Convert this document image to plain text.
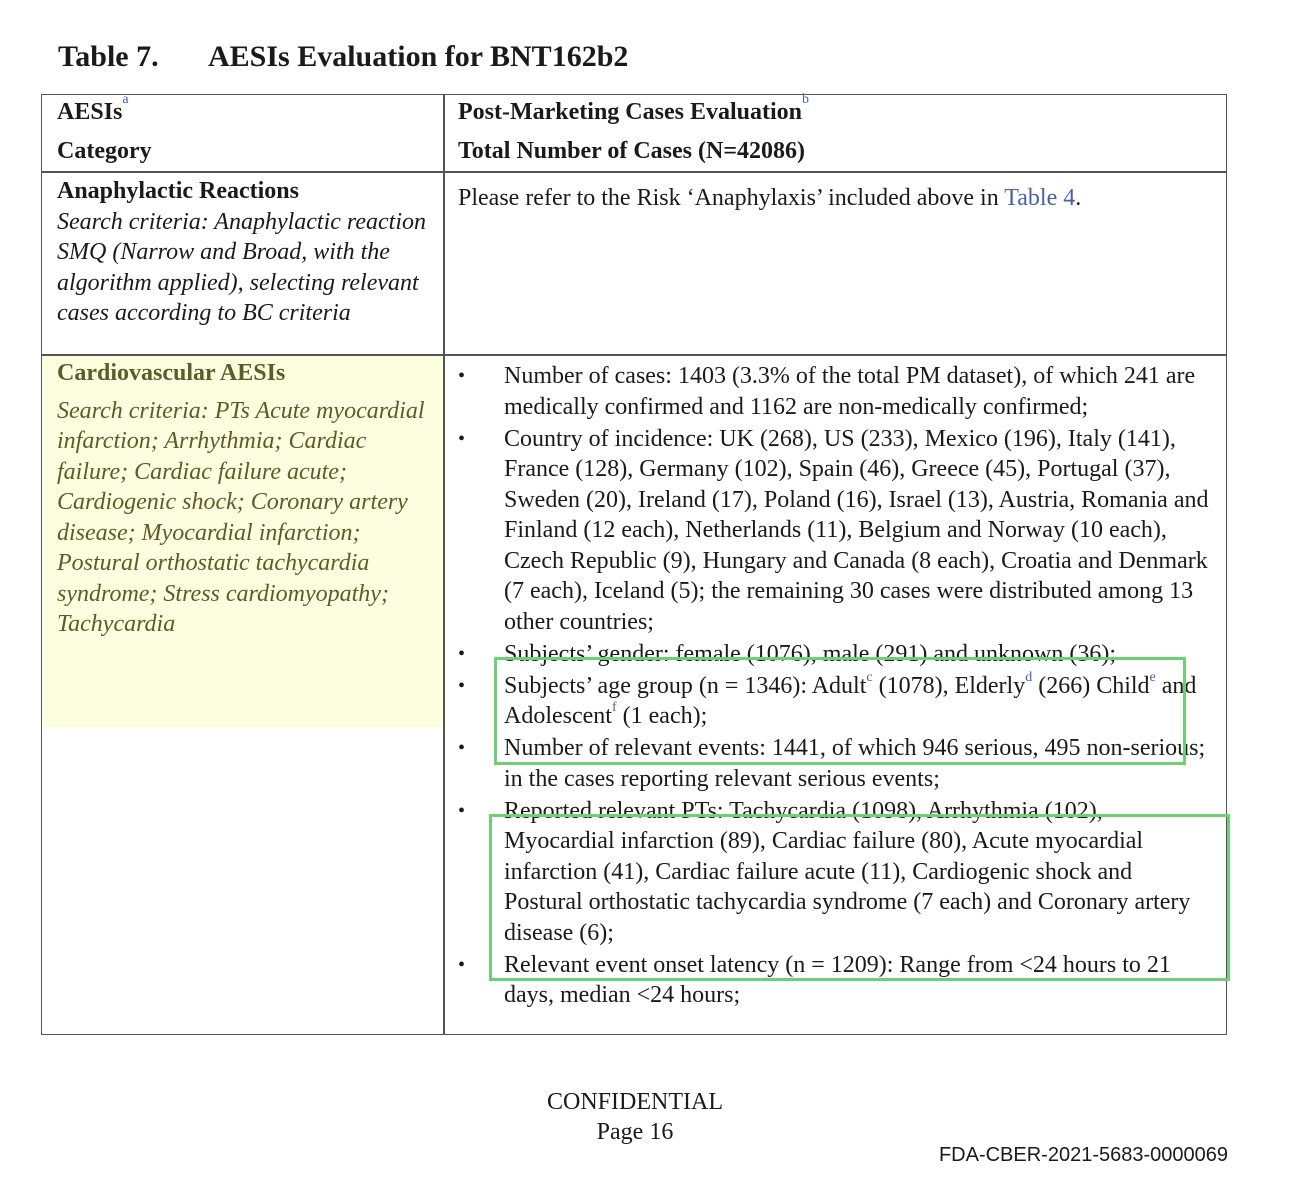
Table 7. AESIs Evaluation for BNT162b2
AESIs$^a$
Category
Post-Marketing Cases Evaluation$^b$
Total Number of Cases (N=42086)
Anaphylactic Reactions
Search criteria: Anaphylactic reaction SMQ (Narrow and Broad, with the algorithm applied), selecting relevant cases according to BC criteria
Please refer to the Risk ‘Anaphylaxis’ included above in Table 4.
Cardiovascular AESIs
Search criteria: PTs Acute myocardial infarction; Arrhythmia; Cardiac failure; Cardiac failure acute; Cardiogenic shock; Coronary artery disease; Myocardial infarction; Postural orthostatic tachycardia syndrome; Stress cardiomyopathy; Tachycardia
• Number of cases: 1403 (3.3% of the total PM dataset), of which 241 are medically confirmed and 1162 are non-medically confirmed;
• Country of incidence: UK (268), US (233), Mexico (196), Italy (141), France (128), Germany (102), Spain (46), Greece (45), Portugal (37), Sweden (20), Ireland (17), Poland (16), Israel (13), Austria, Romania and Finland (12 each), Netherlands (11), Belgium and Norway (10 each), Czech Republic (9), Hungary and Canada (8 each), Croatia and Denmark (7 each), Iceland (5); the remaining 30 cases were distributed among 13 other countries;
• Subjects’ gender: female (1076), male (291) and unknown (36);
• Subjects’ age group (n = 1346): Adult$^c$ (1078), Elderly$^d$ (266) Child$^e$ and Adolescent$^f$ (1 each);
• Number of relevant events: 1441, of which 946 serious, 495 non-serious; in the cases reporting relevant serious events;
• Reported relevant PTs: Tachycardia (1098), Arrhythmia (102), Myocardial infarction (89), Cardiac failure (80), Acute myocardial infarction (41), Cardiac failure acute (11), Cardiogenic shock and Postural orthostatic tachycardia syndrome (7 each) and Coronary artery disease (6);
• Relevant event onset latency (n = 1209): Range from <24 hours to 21 days, median <24 hours;
CONFIDENTIAL
Page 16
FDA-CBER-2021-5683-0000069
